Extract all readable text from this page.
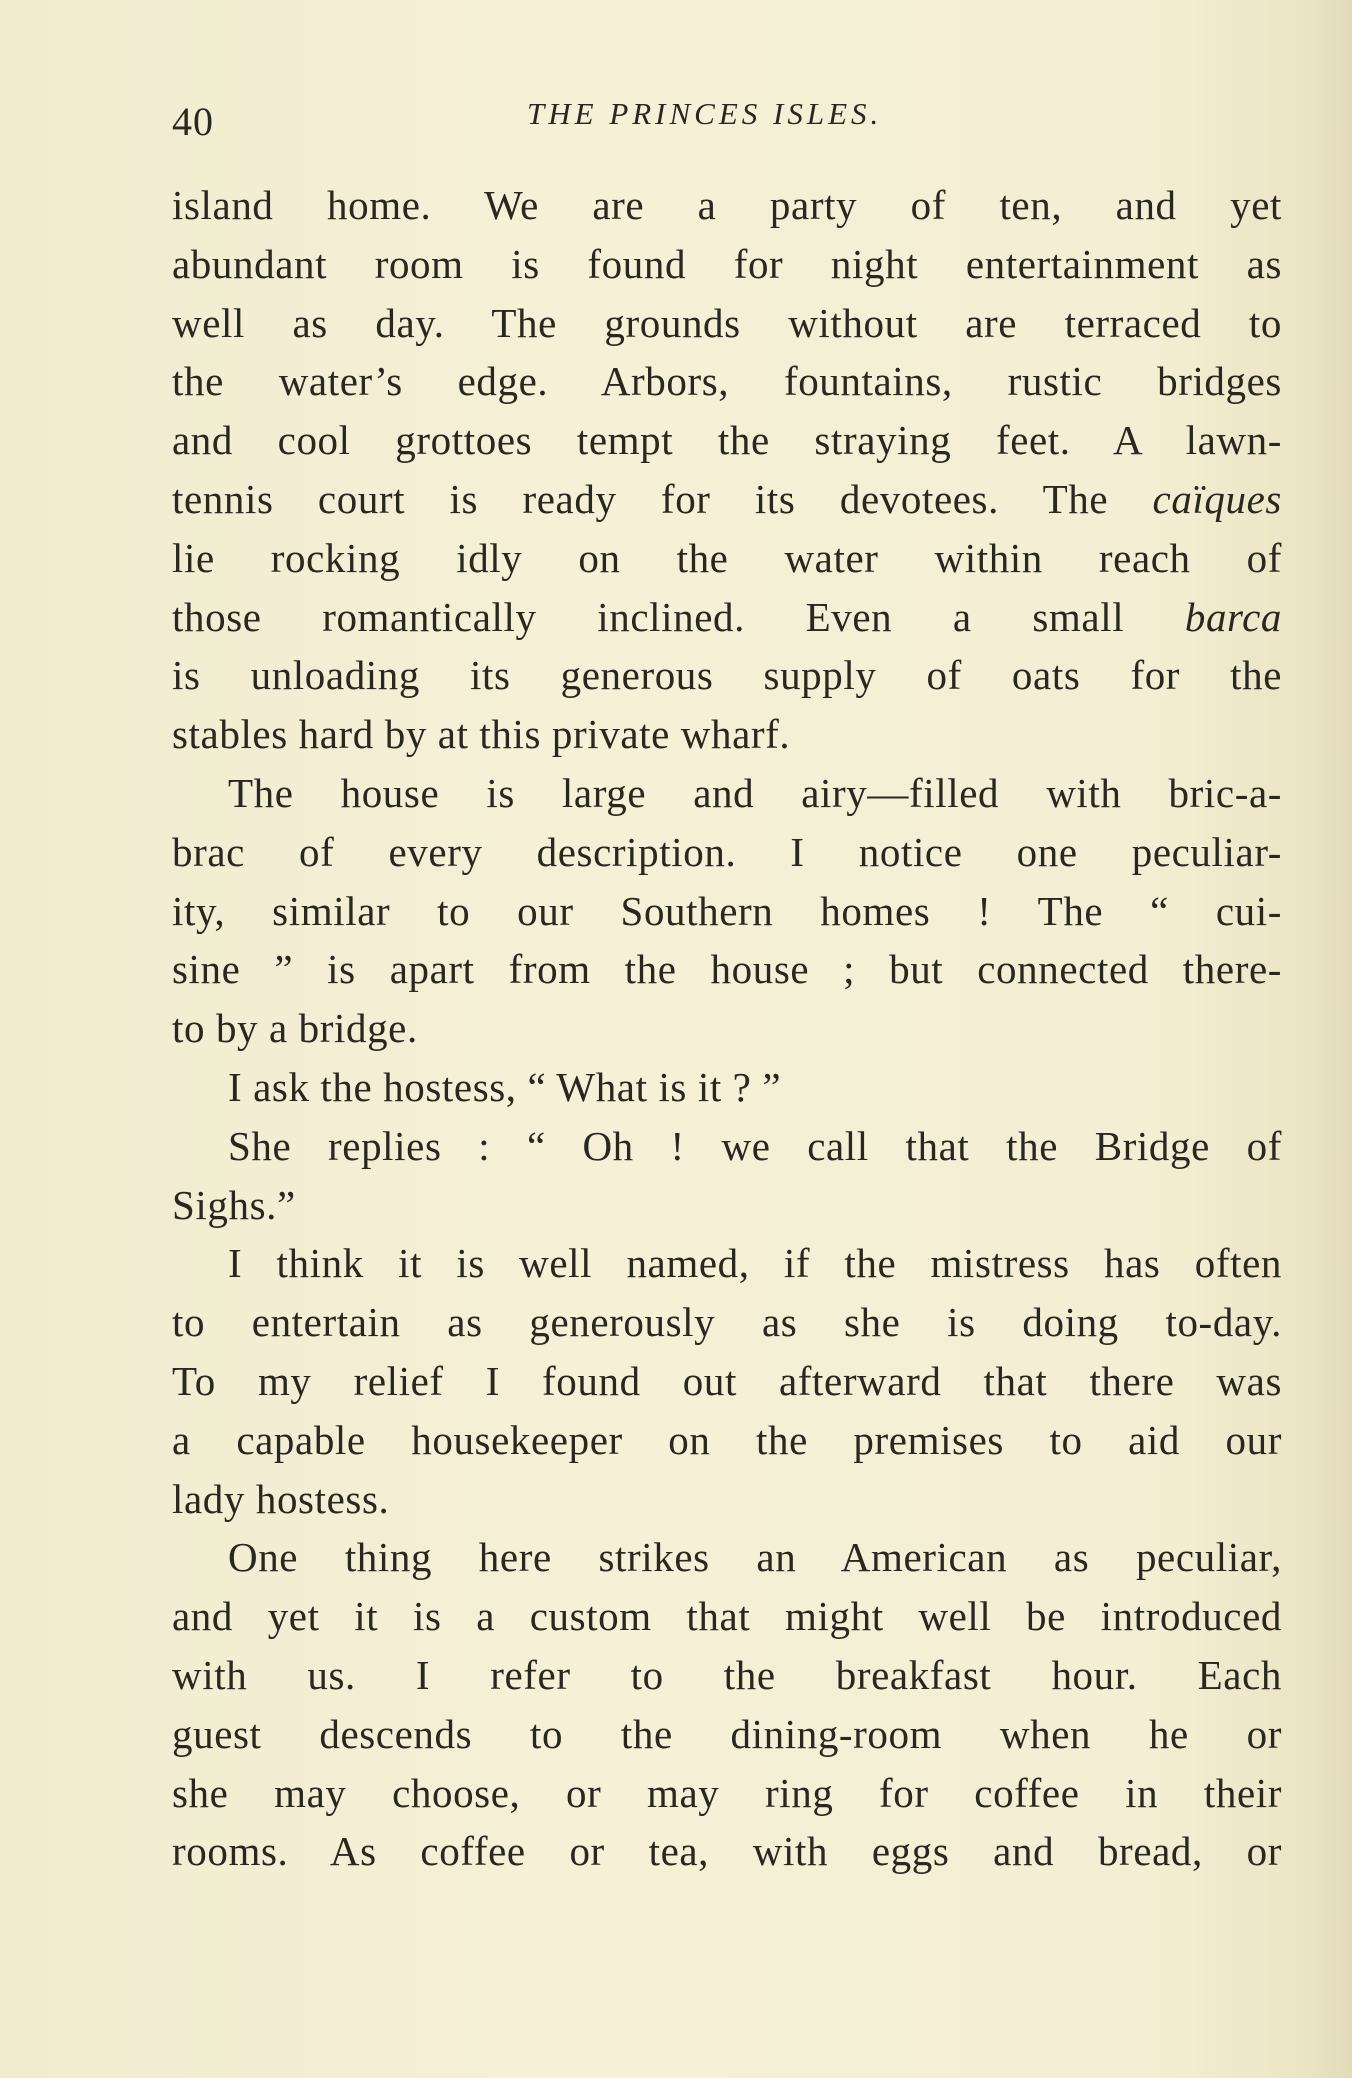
40	THE PRINCES ISLES.
island home. We are a party of ten, and yet
abundant room is found for night entertainment as
well as day. The grounds without are terraced to
the water’s edge. Arbors, fountains, rustic bridges
and cool grottoes tempt the straying feet. A lawn-
tennis court is ready for its devotees. The caïques
lie rocking idly on the water within reach of
those romantically inclined. Even a small barca
is unloading its generous supply of oats for the
stables hard by at this private wharf.
The house is large and airy—filled with bric-a-
brac of every description. I notice one peculiar-
ity, similar to our Southern homes ! The “ cui-
sine ” is apart from the house ; but connected there-
to by a bridge.
I ask the hostess, “ What is it ? ”
She replies : “ Oh ! we call that the Bridge of
Sighs.”
I think it is well named, if the mistress has often
to entertain as generously as she is doing to-day.
To my relief I found out afterward that there was
a capable housekeeper on the premises to aid our
lady hostess.
One thing here strikes an American as peculiar,
and yet it is a custom that might well be introduced
with us. I refer to the breakfast hour. Each
guest descends to the dining-room when he or
she may choose, or may ring for coffee in their
rooms. As coffee or tea, with eggs and bread, or
